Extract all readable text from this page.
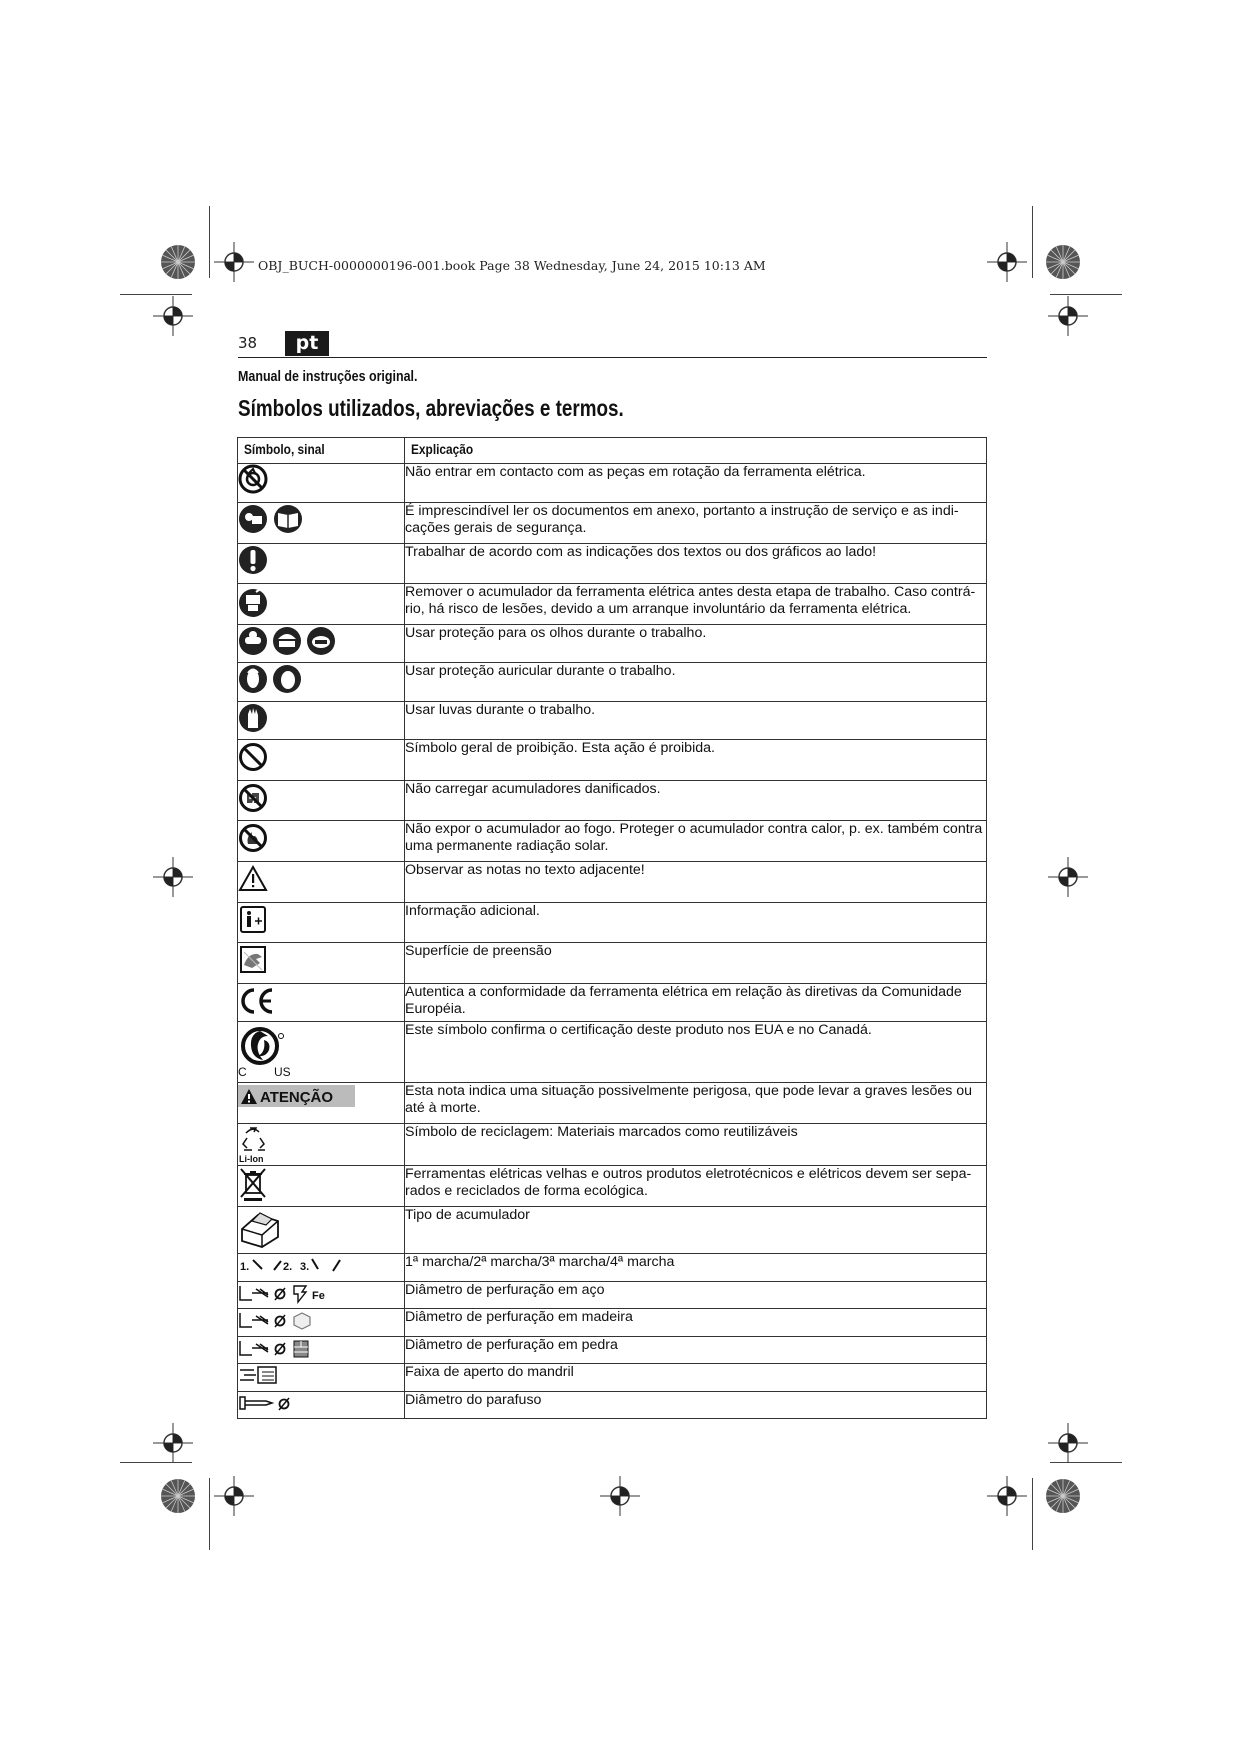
OBJ_BUCH-0000000196-001.book Page 38 Wednesday, June 24, 2015 10:13 AM
38	pt
Manual de instruções original.
Símbolos utilizados, abreviações e termos.
Símbolo, sinal	Explicação
	Não entrar em contacto com as peças em rotação da ferramenta elétrica.
	É imprescindível ler os documentos em anexo, portanto a instrução de serviço e as indi-cações gerais de segurança.
	Trabalhar de acordo com as indicações dos textos ou dos gráficos ao lado!
	Remover o acumulador da ferramenta elétrica antes desta etapa de trabalho. Caso contrá-rio, há risco de lesões, devido a um arranque involuntário da ferramenta elétrica.
	Usar proteção para os olhos durante o trabalho.
	Usar proteção auricular durante o trabalho.
	Usar luvas durante o trabalho.
	Símbolo geral de proibição. Esta ação é proibida.
	Não carregar acumuladores danificados.
	Não expor o acumulador ao fogo. Proteger o acumulador contra calor, p. ex. também contra uma permanente radiação solar.
	Observar as notas no texto adjacente!
	Informação adicional.
	Superfície de preensão
	Autentica a conformidade da ferramenta elétrica em relação às diretivas da Comunidade Européia.

C US	Este símbolo confirma o certificação deste produto nos EUA e no Canadá.

ATENÇÃO	Esta nota indica uma situação possivelmente perigosa, que pode levar a graves lesões ou até à morte.

Li-Ion	Símbolo de reciclagem: Materiais marcados como reutilizáveis
	Ferramentas elétricas velhas e outros produtos eletrotécnicos e elétricos devem ser sepa-rados e reciclados de forma ecológica.
	Tipo de acumulador

1. 2. 3.	1ª marcha/2ª marcha/3ª marcha/4ª marcha

Fe	Diâmetro de perfuração em aço
	Diâmetro de perfuração em madeira
	Diâmetro de perfuração em pedra
	Faixa de aperto do mandril
	Diâmetro do parafuso
